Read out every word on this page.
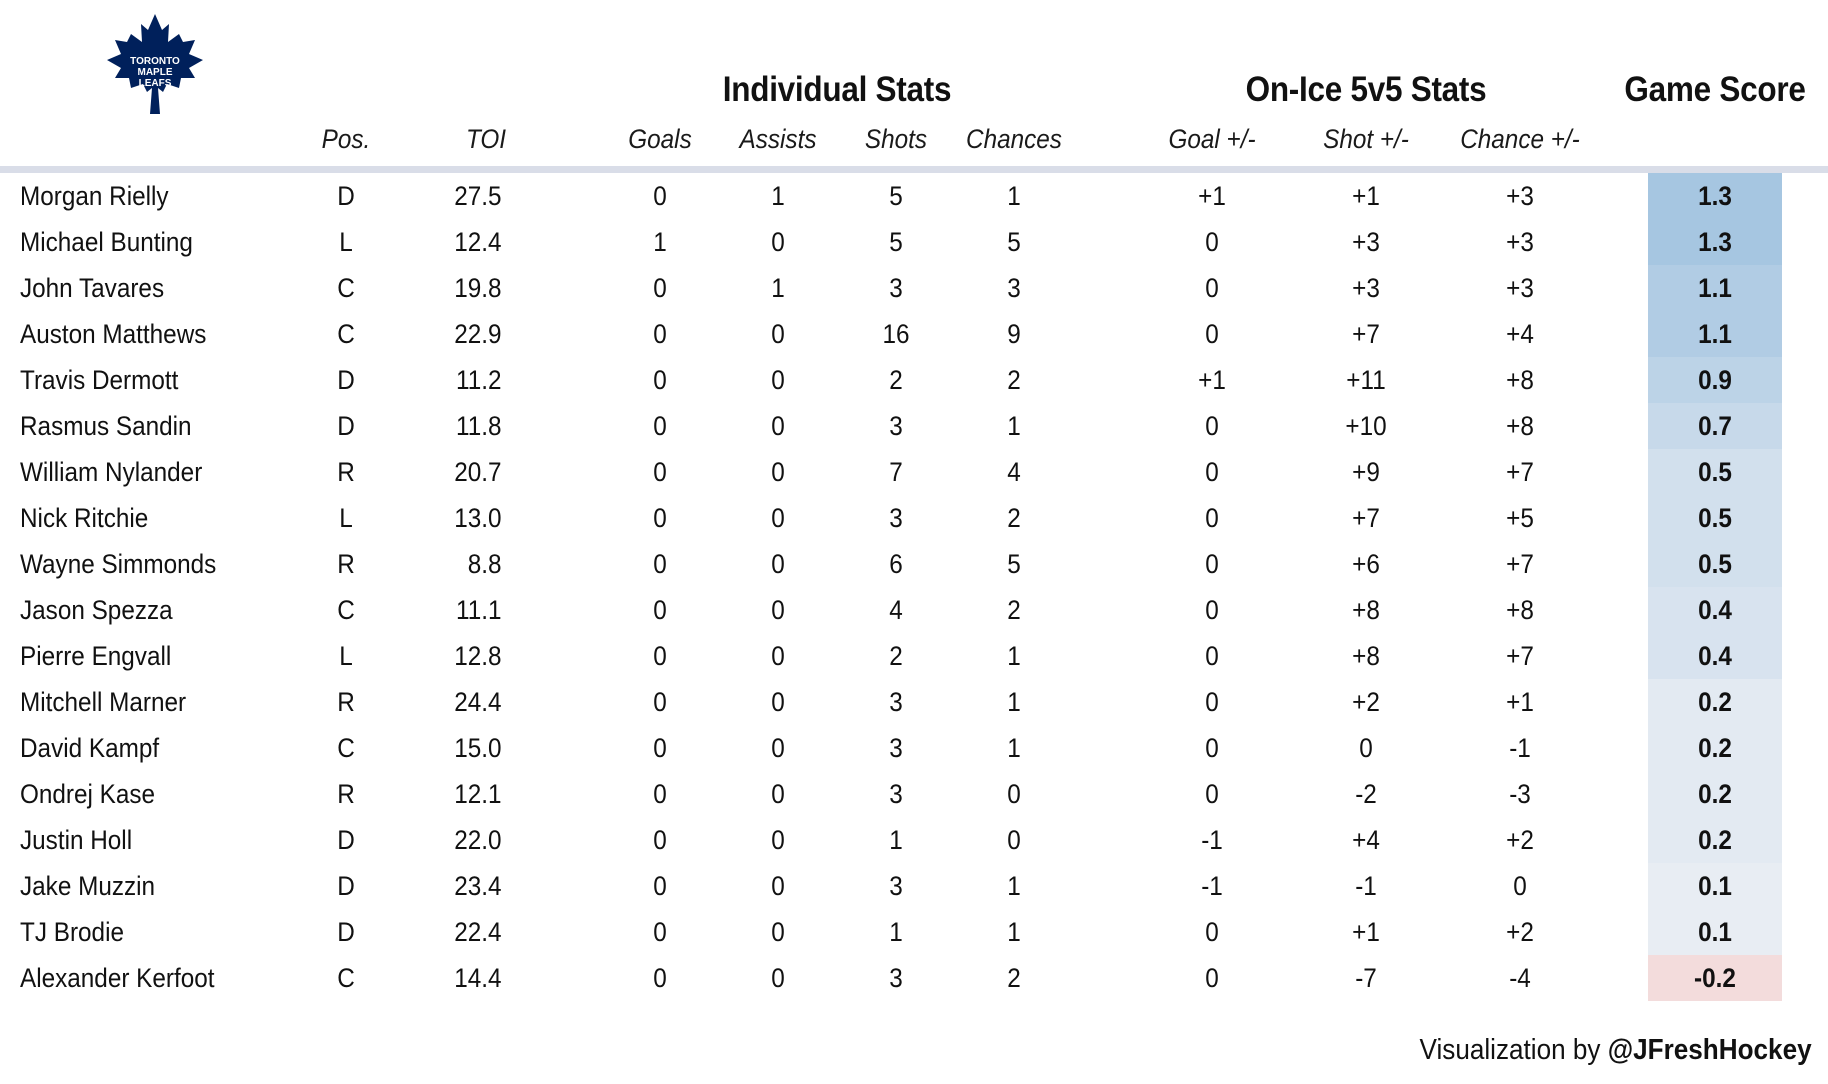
TORONTO
MAPLE
LEAFS	Individual Stats	On-Ice 5v5 Stats	Game Score
Pos.	TOI	Goals Assists Shots Chances	Goal +/-	Shot +/- Chance +/-
Morgan Rielly	D	27.5	0	1	5	1	+1	+1	+3	1.3
Michael Bunting	L	12.4	1	0	5	5	0	+3	+3	1.3
John Tavares	C	19.8	0	1	3	3	0	+3	+3	1.1
Auston Matthews	C	22.9	0	0	16	9	0	+7	+4	1.1
Travis Dermott	D	11.2	0	0	2	2	+1	+11	+8	0.9
Rasmus Sandin	D	11.8	0	0	3	1	0	+10	+8	0.7
William Nylander	R	20.7	0	0	7	4	0	+9	+7	0.5
Nick Ritchie	L	13.0	0	0	3	2	0	+7	+5	0.5
Wayne Simmonds	R	8.8	0	0	6	5	0	+6	+7	0.5
Jason Spezza	C	11.1	0	0	4	2	0	+8	+8	0.4
Pierre Engvall	L	12.8	0	0	2	1	0	+8	+7	0.4
Mitchell Marner	R	24.4	0	0	3	1	0	+2	+1	0.2
David Kampf	C	15.0	0	0	3	1	0	0	-1	0.2
Ondrej Kase	R	12.1	0	0	3	0	0	-2	-3	0.2
Justin Holl	D	22.0	0	0	1	0	-1	+4	+2	0.2
Jake Muzzin	D	23.4	0	0	3	1	-1	-1	0	0.1
TJ Brodie	D	22.4	0	0	1	1	0	+1	+2	0.1
Alexander Kerfoot	C	14.4	0	0	3	2	0	-7	-4	-0.2
Visualization by @JFreshHockey
